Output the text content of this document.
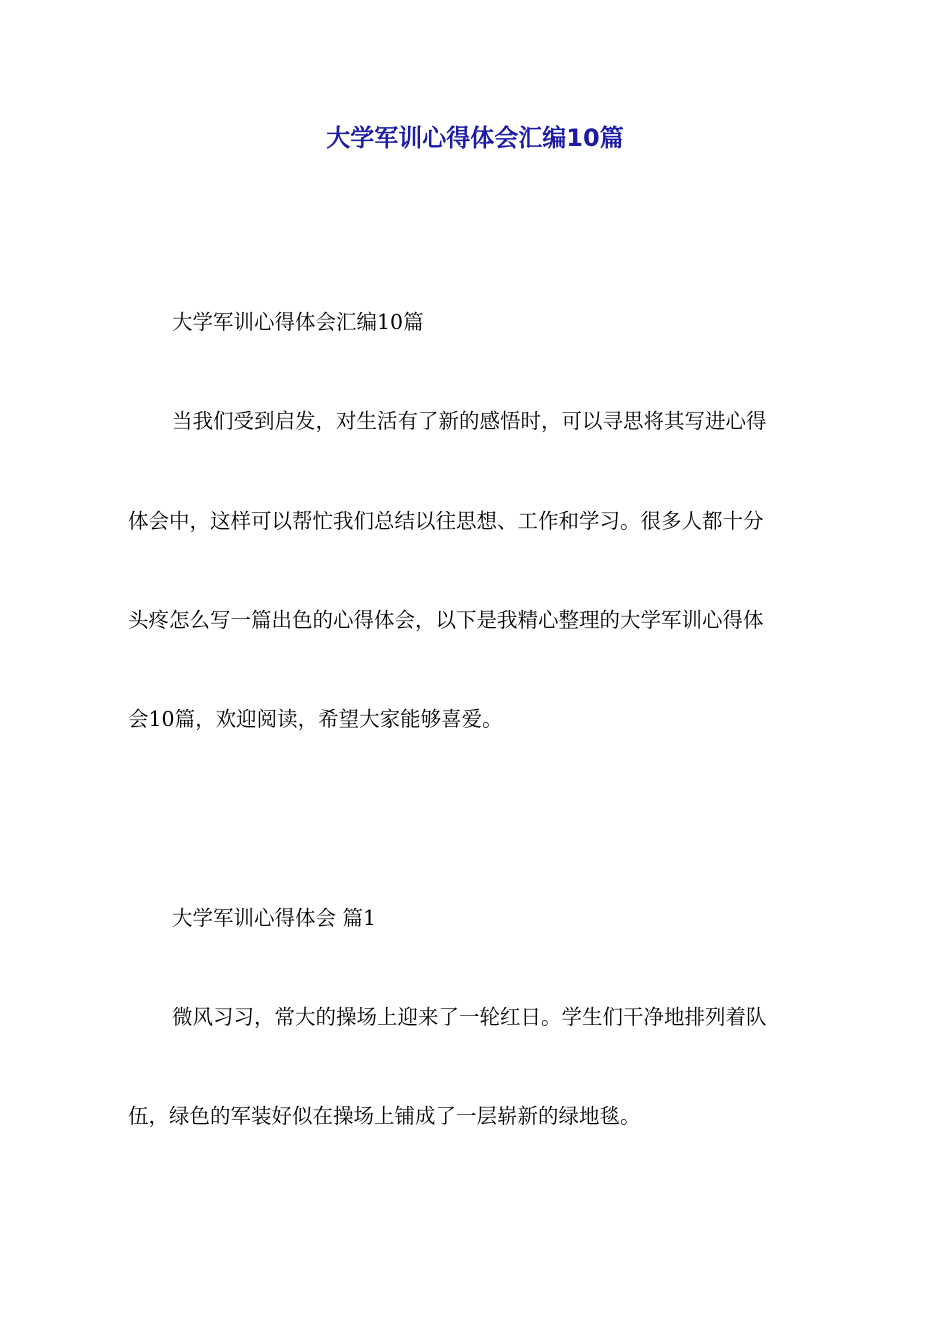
大学军训心得体会汇编10篇

大学军训心得体会汇编10篇

当我们受到启发，对生活有了新的感悟时，可以寻思将其写进心得

体会中，这样可以帮忙我们总结以往思想、工作和学习。很多人都十分

头疼怎么写一篇出色的心得体会，以下是我精心整理的大学军训心得体

会10篇，欢迎阅读，希望大家能够喜爱。

大学军训心得体会 篇1

微风习习，常大的操场上迎来了一轮红日。学生们干净地排列着队

伍，绿色的军装好似在操场上铺成了一层崭新的绿地毯。
